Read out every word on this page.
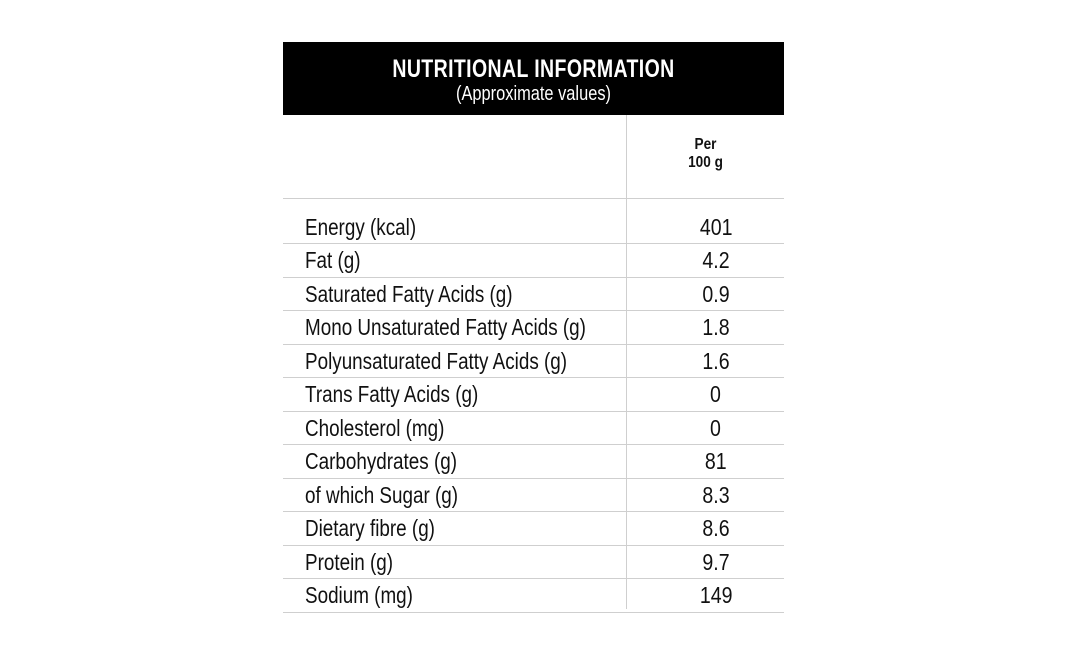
NUTRITIONAL INFORMATION
(Approximate values)
Per
100 g
Energy (kcal)	401
Fat (g)	4.2
Saturated Fatty Acids (g)	0.9
Mono Unsaturated Fatty Acids (g)	1.8
Polyunsaturated Fatty Acids (g)	1.6
Trans Fatty Acids (g)	0
Cholesterol (mg)	0
Carbohydrates (g)	81
of which Sugar (g)	8.3
Dietary fibre (g)	8.6
Protein (g)	9.7
Sodium (mg)	149
